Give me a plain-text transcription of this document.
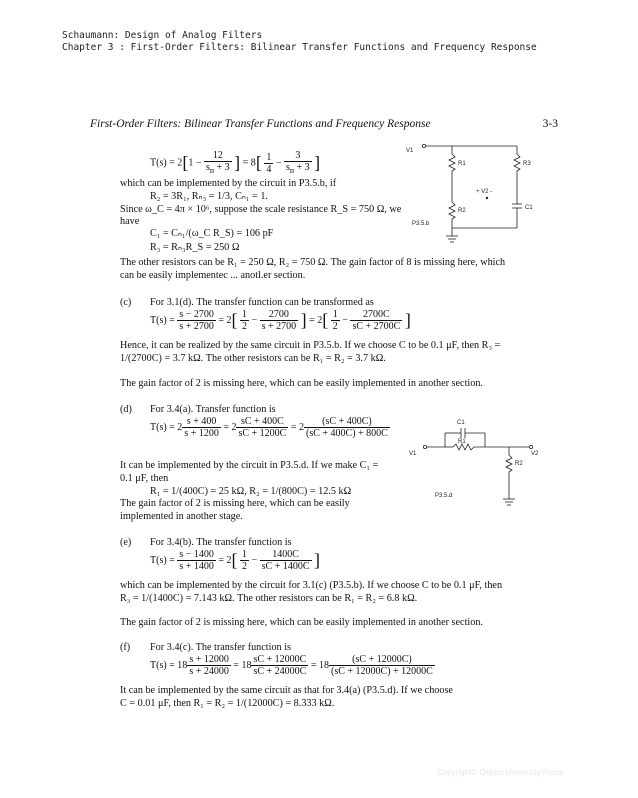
Schaumann: Design of Analog Filters
Chapter 3 : First-Order Filters: Bilinear Transfer Functions and Frequency Response
First-Order Filters: Bilinear Transfer Functions and Frequency Response	3-3
$T(s) = 2[1 - \frac{12}{s_n + 3}$ ] = $8[ \frac{1}{4} - \frac{3}{s_n + 3}$ ]
which can be implemented by the circuit in P3.5.b, if
R₂ = 3R₁, Rₙ₃ = 1/3, Cₙ₁ = 1.
Since ω_C = 4π × 10⁶, suppose the scale resistance R_S = 750 Ω, we
have
C₁ = Cₙ₁/(ω_C R_S) = 106 pF
R₃ = Rₙ₃R_S = 250 Ω
The other resistors can be R₁ = 250 Ω, R₂ = 750 Ω. The gain factor of 8 is missing here, which
can be easily implementec ... anotl.er section.
V1
R1	R3
+ V2 -
R2	C1
P3.5.b
(c) For 3.1(d). The transfer function can be transformed as
$T(s) = \frac{s - 2700}{s + 2700} = 2[ \frac{1}{2} - \frac{2700}{s + 2700}$ ] = $2[ \frac{1}{2} - \frac{2700C}{sC + 2700C}$ ]
Hence, it can be realized by the same circuit in P3.5.b. If we choose C to be 0.1 μF, then R₃ =
1/(2700C) = 3.7 kΩ. The other resistors can be R₁ = R₂ = 3.7 kΩ.
The gain factor of 2 is missing here, which can be easily implemented in another section.
(d) For 3.4(a). Transfer function is
$T(s) = 2 \frac{s + 400}{s + 1200} = 2 \frac{sC + 400C}{sC + 1200C} = 2 \frac{(sC + 400C)}{(sC + 400C) + 800C}$
It can be implemented by the circuit in P3.5.d. If we make C₁ =
0.1 μF, then
R₁ = 1/(400C) = 25 kΩ, R₂ = 1/(800C) = 12.5 kΩ
The gain factor of 2 is missing here, which can be easily
implemented in another stage.
C1
V1
R1
V2
R2
P3.5.d
(e) For 3.4(b). The transfer function is
$T(s) = \frac{s - 1400}{s + 1400} = 2[ \frac{1}{2} - \frac{1400C}{sC + 1400C}$ ]
which can be implemented by the circuit for 3.1(c) (P3.5.b). If we choose C to be 0.1 μF, then
R₃ = 1/(1400C) = 7.143 kΩ. The other resistors can be R₁ = R₂ = 6.8 kΩ.
The gain factor of 2 is missing here, which can be easily implemented in another section.
(f) For 3.4(c). The transfer function is
$T(s) = 18 \frac{s + 12000}{s + 24000} = 18 \frac{sC + 12000C}{sC + 24000C} = 18 \frac{(sC + 12000C)}{(sC + 12000C) + 12000C}$
It can be implemented by the same circuit as that for 3.4(a) (P3.5.d). If we choose
C = 0.01 μF, then R₁ = R₂ = 1/(12000C) = 8.333 kΩ.
Copyright© Oxford University Press
